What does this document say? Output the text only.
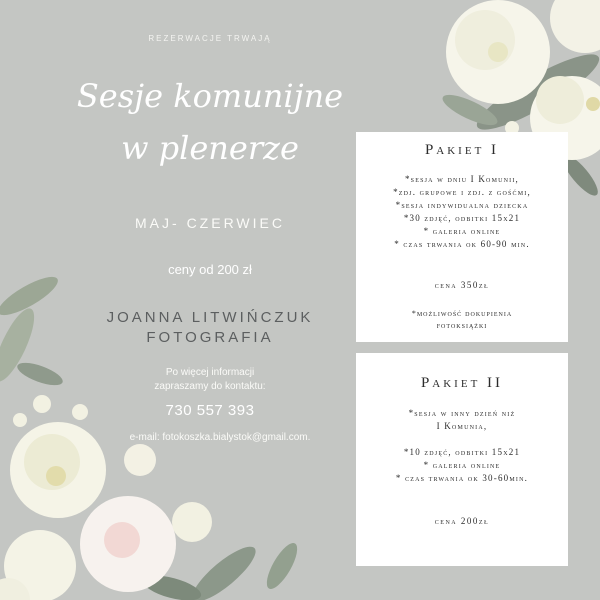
REZERWACJE TRWAJĄ
Sesje komunijne
w plenerze
MAJ- CZERWIEC
ceny od 200 zł
JOANNA LITWIŃCZUK
FOTOGRAFIA
Po więcej informacji
zapraszamy do kontaktu:
730 557 393
e-mail: fotokoszka.bialystok@gmail.com.
Pakiet I
*sesja w dniu I Komunii,
*zdj. grupowe i zdj. z gośćmi,
*sesja indywidualna dziecka
*30 zdjęć, odbitki 15x21
* galeria online
* czas trwania ok 60-90 min.
cena 350zł
*możliwość dokupienia
fotoksiążki
Pakiet II
*sesja w inny dzień niż
I Komunia,
*10 zdjęć, odbitki 15x21
* galeria online
* czas trwania ok 30-60min.
cena 200zł
